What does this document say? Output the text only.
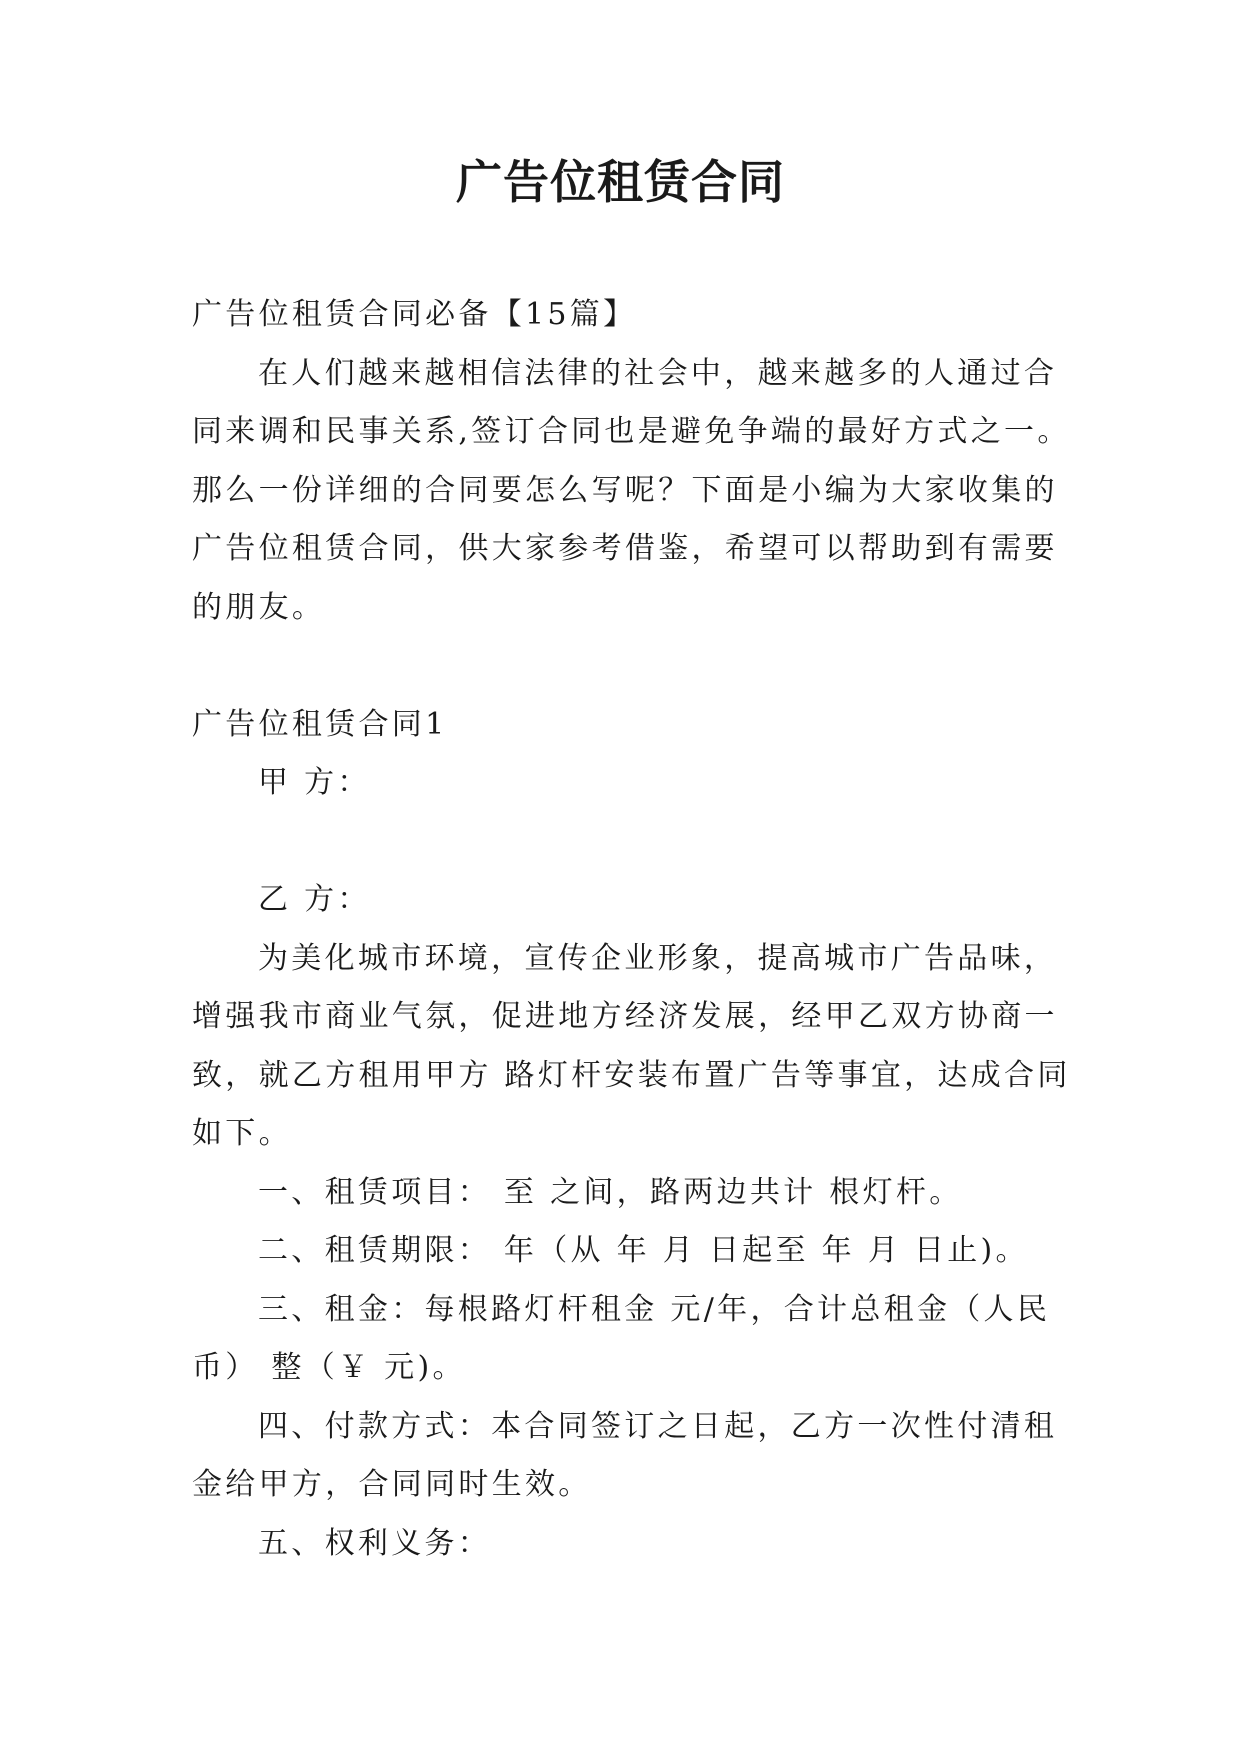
广告位租赁合同

广告位租赁合同必备【15篇】

在人们越来越相信法律的社会中，越来越多的人通过合同来调和民事关系,签订合同也是避免争端的最好方式之一。那么一份详细的合同要怎么写呢？下面是小编为大家收集的广告位租赁合同，供大家参考借鉴，希望可以帮助到有需要的朋友。

广告位租赁合同1

甲 方：

乙 方：

为美化城市环境，宣传企业形象，提高城市广告品味，增强我市商业气氛，促进地方经济发展，经甲乙双方协商一致，就乙方租用甲方 路灯杆安装布置广告等事宜，达成合同如下。

一、租赁项目： 至 之间，路两边共计 根灯杆。

二、租赁期限： 年（从 年 月 日起至 年 月 日止)。

三、租金：每根路灯杆租金 元/年，合计总租金（人民币） 整（￥ 元)。

四、付款方式：本合同签订之日起，乙方一次性付清租金给甲方，合同同时生效。

五、权利义务：
